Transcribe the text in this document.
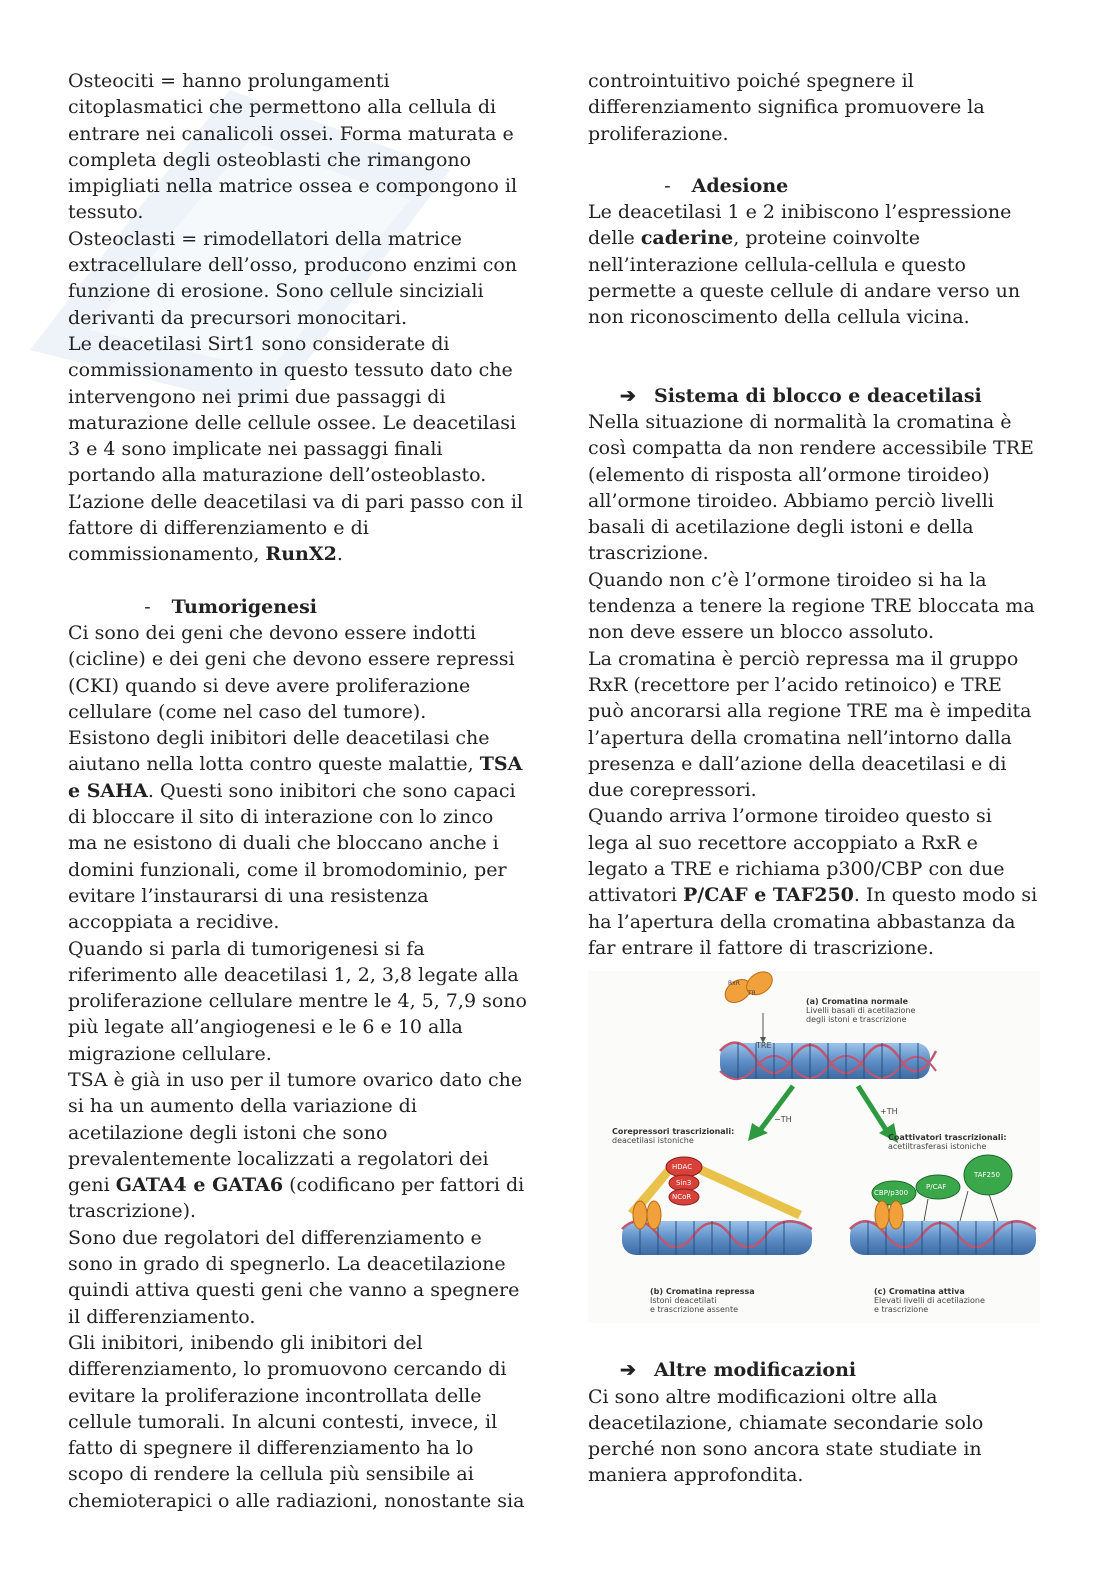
Osteociti = hanno prolungamenti citoplasmatici che permettono alla cellula di entrare nei canalicoli ossei. Forma maturata e completa degli osteoblasti che rimangono impigliati nella matrice ossea e compongono il tessuto.

Osteoclasti = rimodellatori della matrice extracellulare dell’osso, producono enzimi con funzione di erosione. Sono cellule sinciziali derivanti da precursori monocitari.

Le deacetilasi Sirt1 sono considerate di commissionamento in questo tessuto dato che intervengono nei primi due passaggi di maturazione delle cellule ossee. Le deacetilasi 3 e 4 sono implicate nei passaggi finali portando alla maturazione dell’osteoblasto.

L’azione delle deacetilasi va di pari passo con il fattore di differenziamento e di commissionamento, RunX2.

- Tumorigenesi

Ci sono dei geni che devono essere indotti (cicline) e dei geni che devono essere repressi (CKI) quando si deve avere proliferazione cellulare (come nel caso del tumore).

Esistono degli inibitori delle deacetilasi che aiutano nella lotta contro queste malattie, TSA e SAHA. Questi sono inibitori che sono capaci di bloccare il sito di interazione con lo zinco ma ne esistono di duali che bloccano anche i domini funzionali, come il bromodominio, per evitare l’instaurarsi di una resistenza accoppiata a recidive.

Quando si parla di tumorigenesi si fa riferimento alle deacetilasi 1, 2, 3,8 legate alla proliferazione cellulare mentre le 4, 5, 7,9 sono più legate all’angiogenesi e le 6 e 10 alla migrazione cellulare.

TSA è già in uso per il tumore ovarico dato che si ha un aumento della variazione di acetilazione degli istoni che sono prevalentemente localizzati a regolatori dei geni GATA4 e GATA6 (codificano per fattori di trascrizione).

Sono due regolatori del differenziamento e sono in grado di spegnerlo. La deacetilazione quindi attiva questi geni che vanno a spegnere il differenziamento.

Gli inibitori, inibendo gli inibitori del differenziamento, lo promuovono cercando di evitare la proliferazione incontrollata delle cellule tumorali. In alcuni contesti, invece, il fatto di spegnere il differenziamento ha lo scopo di rendere la cellula più sensibile ai chemioterapici o alle radiazioni, nonostante sia

controintuitivo poiché spegnere il differenziamento significa promuovere la proliferazione.

- Adesione

Le deacetilasi 1 e 2 inibiscono l’espressione delle caderine, proteine coinvolte nell’interazione cellula-cellula e questo permette a queste cellule di andare verso un non riconoscimento della cellula vicina.

➔ Sistema di blocco e deacetilasi

Nella situazione di normalità la cromatina è così compatta da non rendere accessibile TRE (elemento di risposta all’ormone tiroideo) all’ormone tiroideo. Abbiamo perciò livelli basali di acetilazione degli istoni e della trascrizione.

Quando non c’è l’ormone tiroideo si ha la tendenza a tenere la regione TRE bloccata ma non deve essere un blocco assoluto.

La cromatina è perciò repressa ma il gruppo RxR (recettore per l’acido retinoico) e TRE può ancorarsi alla regione TRE ma è impedita l’apertura della cromatina nell’intorno dalla presenza e dall’azione della deacetilasi e di due corepressori.

Quando arriva l’ormone tiroideo questo si lega al suo recettore accoppiato a RxR e legato a TRE e richiama p300/CBP con due attivatori P/CAF e TAF250. In questo modo si ha l’apertura della cromatina abbastanza da far entrare il fattore di trascrizione.

(a) Cromatina normale
Livelli basali di acetilazione
degli istoni e trascrizione
TRE
RxR
TR
−TH
+TH
Corepressori trascrizionali:
deacetilasi istoniche	Coattivatori trascrizionali:
acetiltrasferasi istoniche
HDAC
Sin3
NCoR	CBP/p300
P/CAF
TAF250
(b) Cromatina repressa
Istoni deacetilati
e trascrizione assente
(c) Cromatina attiva
Elevati livelli di acetilazione
e trascrizione

➔ Altre modificazioni

Ci sono altre modificazioni oltre alla deacetilazione, chiamate secondarie solo perché non sono ancora state studiate in maniera approfondita.
